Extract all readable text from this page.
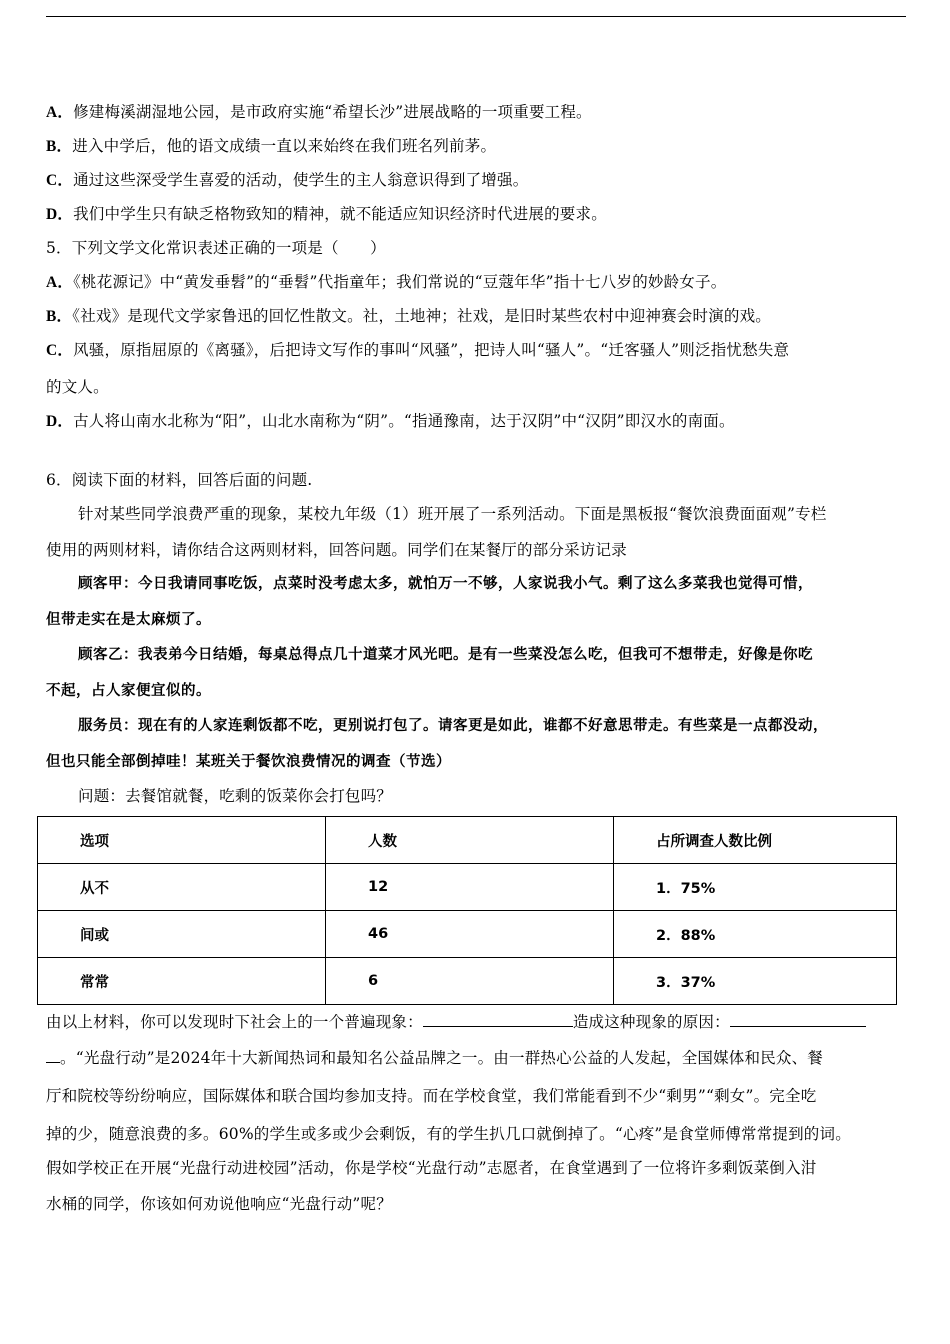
A．修建梅溪湖湿地公园，是市政府实施“希望长沙”进展战略的一项重要工程。
B．进入中学后，他的语文成绩一直以来始终在我们班名列前茅。
C．通过这些深受学生喜爱的活动，使学生的主人翁意识得到了增强。
D．我们中学生只有缺乏格物致知的精神，就不能适应知识经济时代进展的要求。
5．下列文学文化常识表述正确的一项是（　　）
A．《桃花源记》中“黄发垂髫”的“垂髫”代指童年；我们常说的“豆蔻年华”指十七八岁的妙龄女子。
B．《社戏》是现代文学家鲁迅的回忆性散文。社，土地神；社戏，是旧时某些农村中迎神赛会时演的戏。
C．风骚，原指屈原的《离骚》，后把诗文写作的事叫“风骚”，把诗人叫“骚人”。“迁客骚人”则泛指忧愁失意
的文人。
D．古人将山南水北称为“阳”，山北水南称为“阴”。“指通豫南，达于汉阴”中“汉阴”即汉水的南面。
6．阅读下面的材料，回答后面的问题.
针对某些同学浪费严重的现象，某校九年级（1）班开展了一系列活动。下面是黑板报“餐饮浪费面面观”专栏
使用的两则材料，请你结合这两则材料，回答问题。同学们在某餐厅的部分采访记录
顾客甲：今日我请同事吃饭，点菜时没考虑太多，就怕万一不够，人家说我小气。剩了这么多菜我也觉得可惜，
但带走实在是太麻烦了。
顾客乙：我表弟今日结婚，每桌总得点几十道菜才风光吧。是有一些菜没怎么吃，但我可不想带走，好像是你吃
不起，占人家便宜似的。
服务员：现在有的人家连剩饭都不吃，更别说打包了。请客更是如此，谁都不好意思带走。有些菜是一点都没动，
但也只能全部倒掉哇！某班关于餐饮浪费情况的调查（节选）
问题：去餐馆就餐，吃剩的饭菜你会打包吗？
选项	人数	占所调查人数比例
从不	12	1．75%
间或	46	2．88%
常常	6	3．37%
由以上材料，你可以发现时下社会上的一个普遍现象：	造成这种现象的原因：
。“光盘行动”是2024年十大新闻热词和最知名公益品牌之一。由一群热心公益的人发起，全国媒体和民众、餐
厅和院校等纷纷响应，国际媒体和联合国均参加支持。而在学校食堂，我们常能看到不少“剩男”“剩女”。完全吃
掉的少，随意浪费的多。60%的学生或多或少会剩饭，有的学生扒几口就倒掉了。“心疼”是食堂师傅常常提到的词。
假如学校正在开展“光盘行动进校园”活动，你是学校“光盘行动”志愿者，在食堂遇到了一位将许多剩饭菜倒入泔
水桶的同学，你该如何劝说他响应“光盘行动”呢？
